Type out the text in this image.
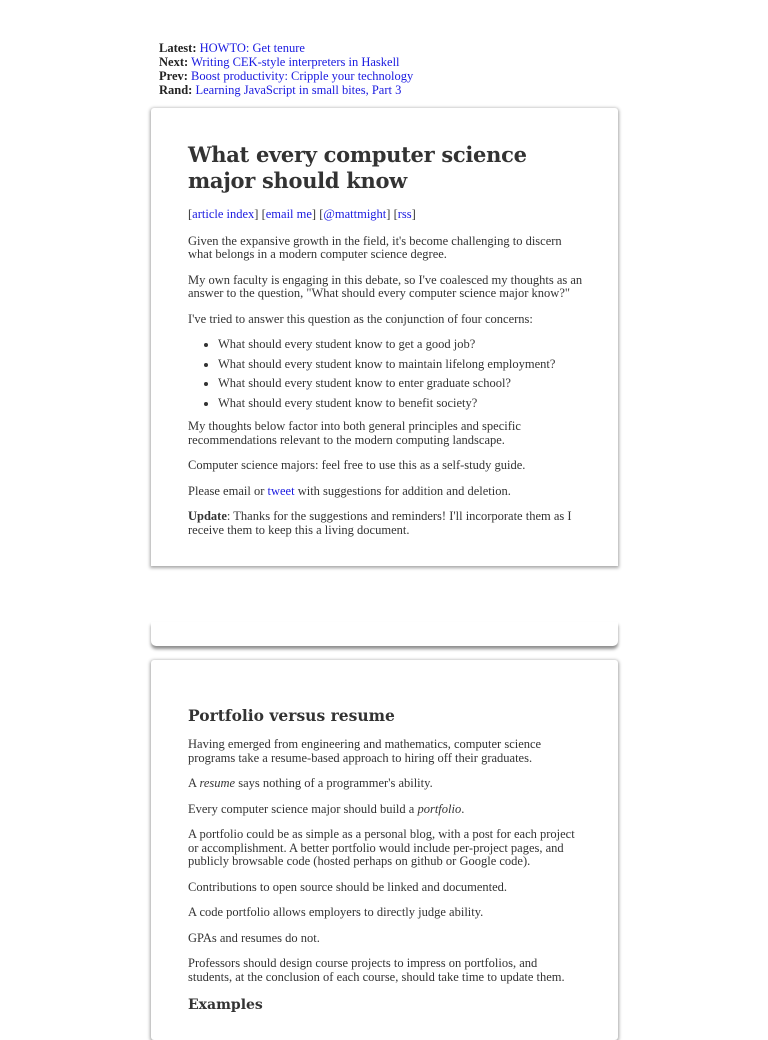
Latest: HOWTO: Get tenure
Next: Writing CEK-style interpreters in Haskell
Prev: Boost productivity: Cripple your technology
Rand: Learning JavaScript in small bites, Part 3
What every computer science major should know
[article index] [email me] [@mattmight] [rss]

Given the expansive growth in the field, it's become challenging to discern what belongs in a modern computer science degree.

My own faculty is engaging in this debate, so I've coalesced my thoughts as an answer to the question, "What should every computer science major know?"

I've tried to answer this question as the conjunction of four concerns:

• What should every student know to get a good job?
• What should every student know to maintain lifelong employment?
• What should every student know to enter graduate school?
• What should every student know to benefit society?

My thoughts below factor into both general principles and specific recommendations relevant to the modern computing landscape.

Computer science majors: feel free to use this as a self-study guide.

Please email or tweet with suggestions for addition and deletion.

Update: Thanks for the suggestions and reminders! I'll incorporate them as I receive them to keep this a living document.

Portfolio versus resume

Having emerged from engineering and mathematics, computer science programs take a resume-based approach to hiring off their graduates.

A resume says nothing of a programmer's ability.

Every computer science major should build a portfolio.

A portfolio could be as simple as a personal blog, with a post for each project or accomplishment. A better portfolio would include per-project pages, and publicly browsable code (hosted perhaps on github or Google code).

Contributions to open source should be linked and documented.

A code portfolio allows employers to directly judge ability.

GPAs and resumes do not.

Professors should design course projects to impress on portfolios, and students, at the conclusion of each course, should take time to update them.

Examples
